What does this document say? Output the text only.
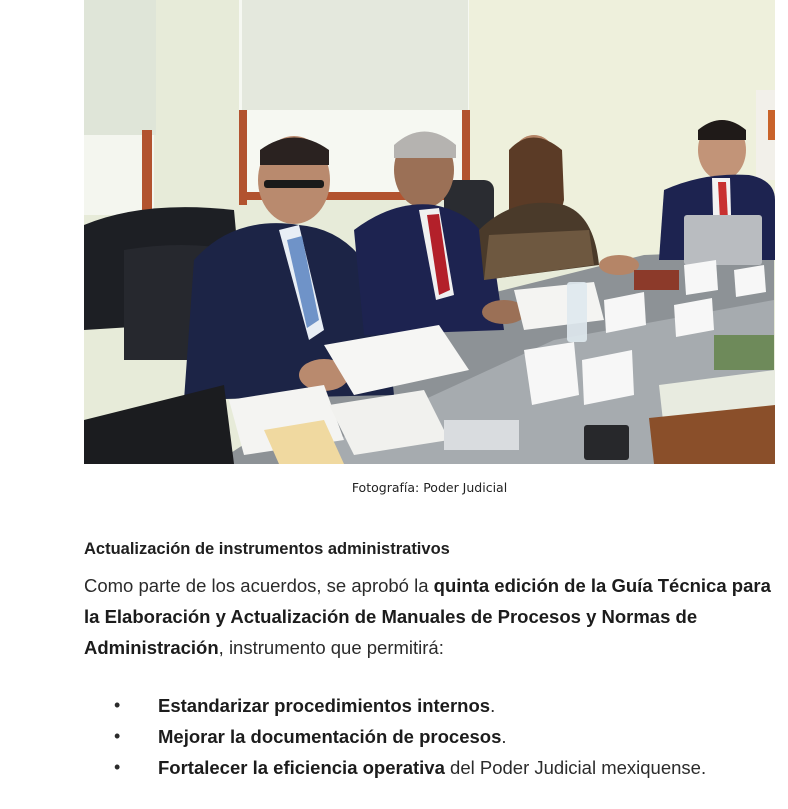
Fotografía: Poder Judicial
Actualización de instrumentos administrativos

Como parte de los acuerdos, se aprobó la quinta edición de la Guía Técnica para la Elaboración y Actualización de Manuales de Procesos y Normas de Administración, instrumento que permitirá:

• Estandarizar procedimientos internos.
• Mejorar la documentación de procesos.
• Fortalecer la eficiencia operativa del Poder Judicial mexiquense.
